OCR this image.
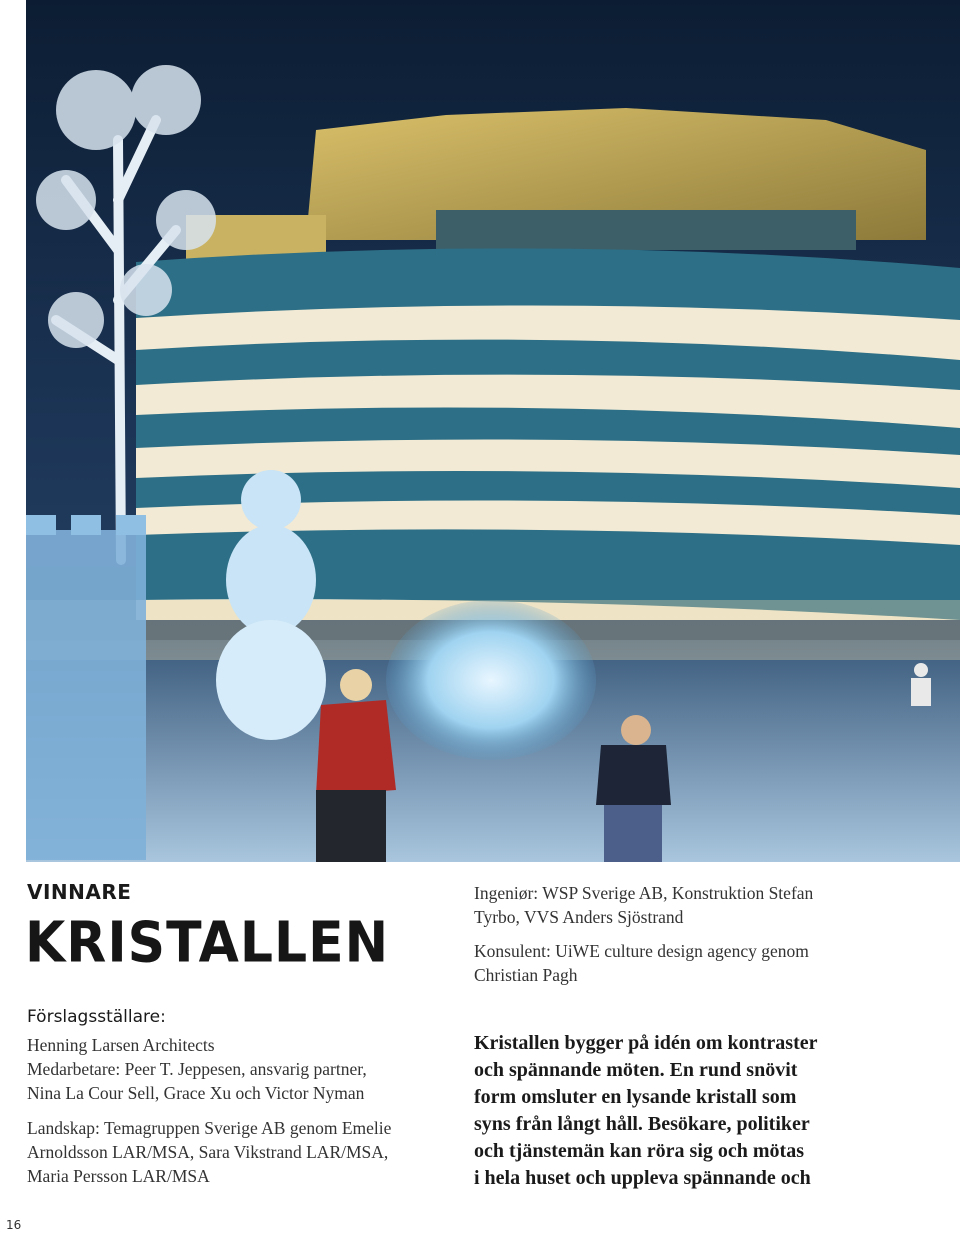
VINNARE
KRISTALLEN
Förslagsställare:

Henning Larsen Architects

Medarbetare: Peer T. Jeppesen, ansvarig partner,

Nina La Cour Sell, Grace Xu och Victor Nyman

Landskap: Temagruppen Sverige AB genom Emelie

Arnoldsson LAR/MSA, Sara Vikstrand LAR/MSA,

Maria Persson LAR/MSA

Ingeniør: WSP Sverige AB, Konstruktion Stefan

Tyrbo, VVS Anders Sjöstrand

Konsulent: UiWE culture design agency genom

Christian Pagh

Kristallen bygger på idén om kontraster

och spännande möten. En rund snövit

form omsluter en lysande kristall som

syns från långt håll. Besökare, politiker

och tjänstemän kan röra sig och mötas

i hela huset och uppleva spännande och

16
